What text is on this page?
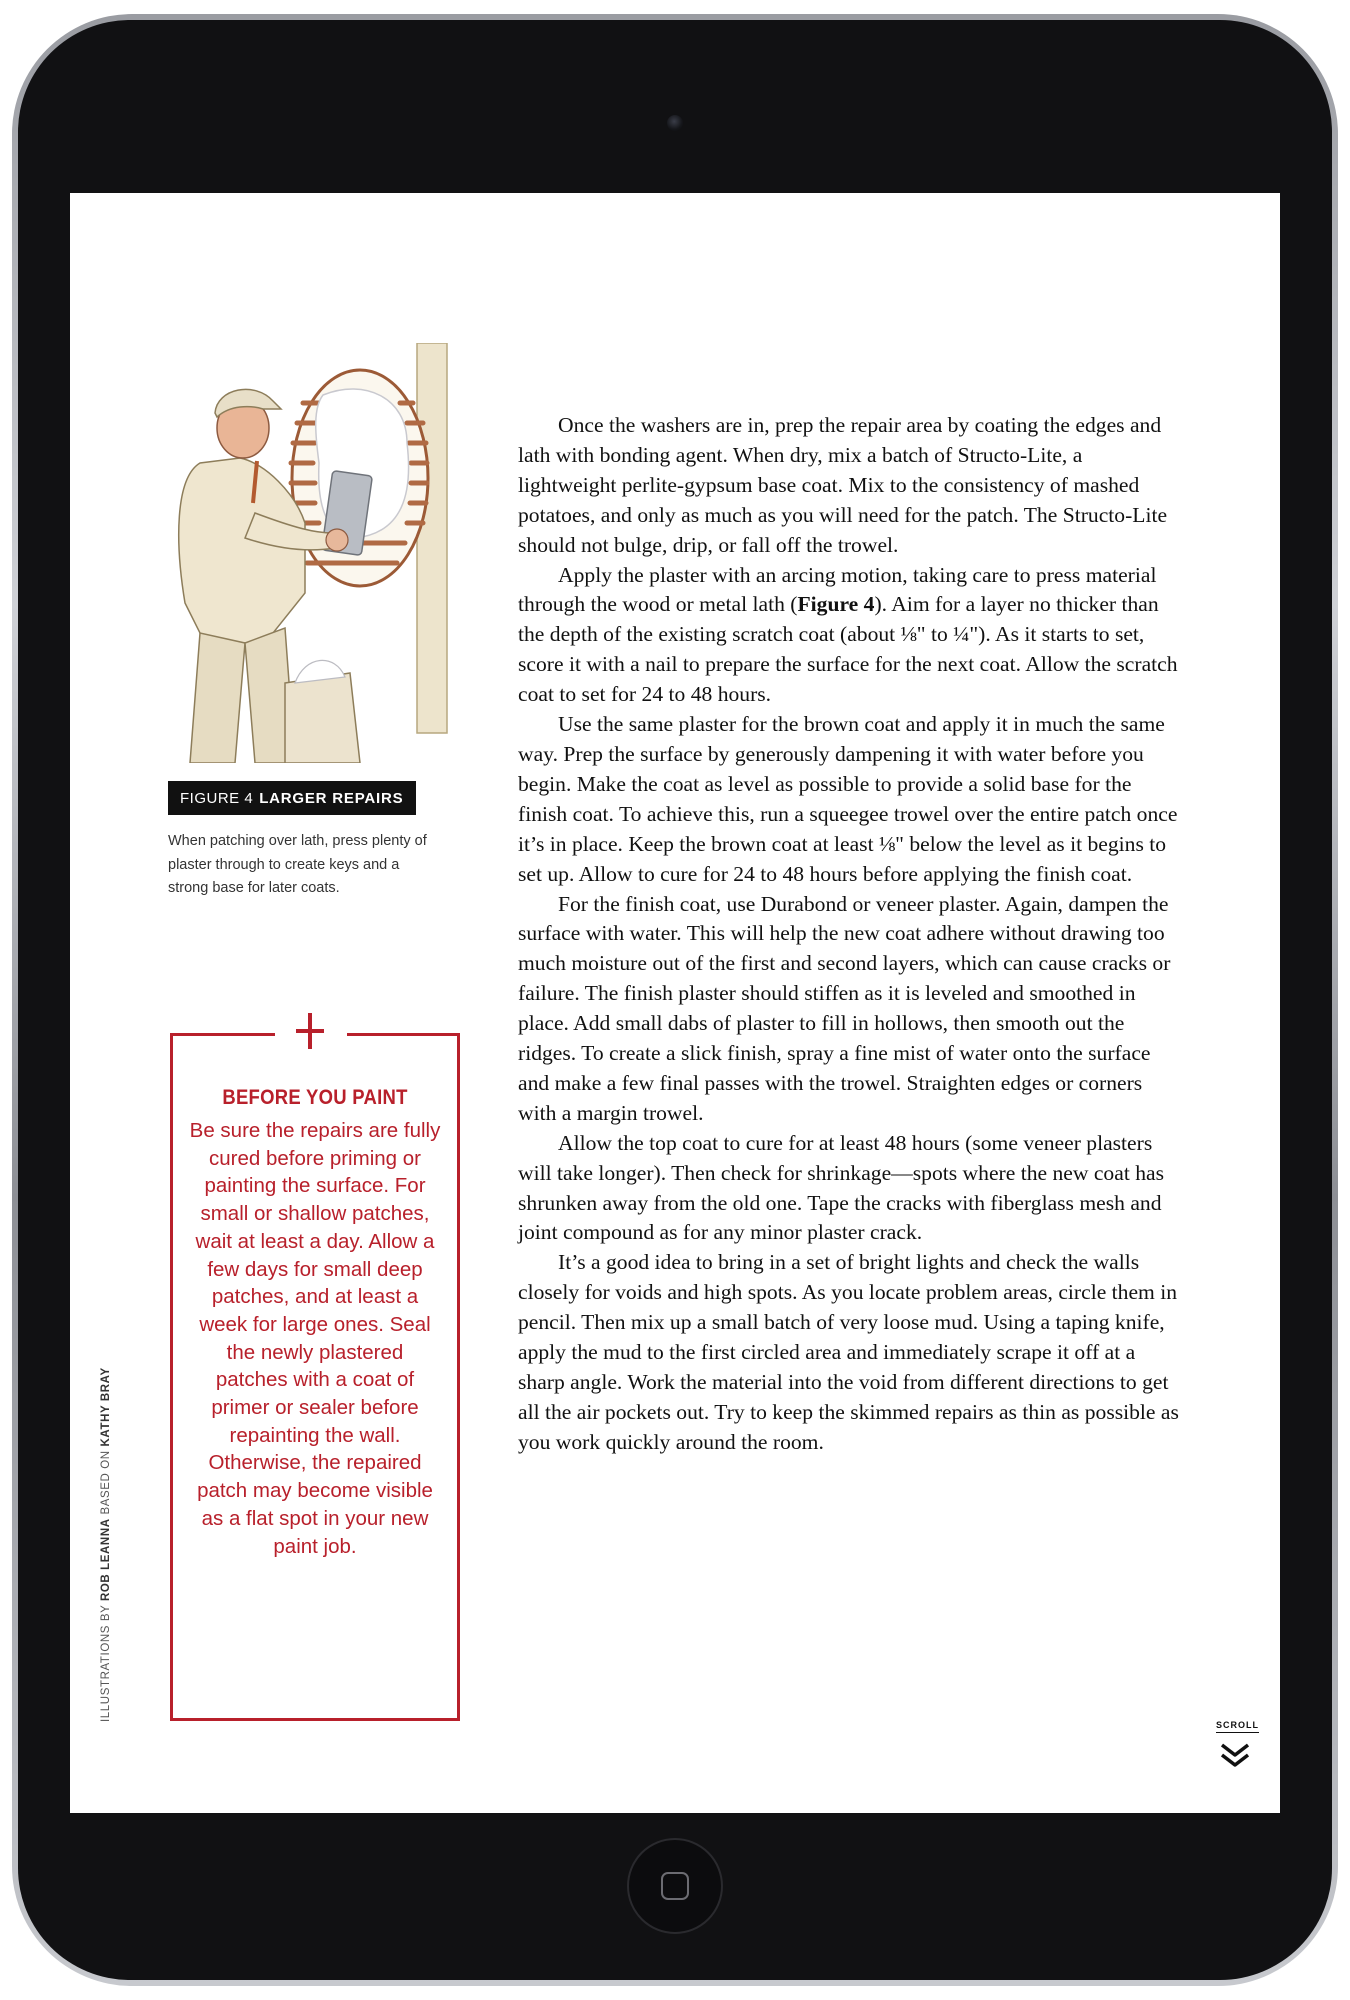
FIGURE 4 LARGER REPAIRS
When patching over lath, press plenty of plaster through to create keys and a strong base for later coats.
BEFORE YOU PAINT
Be sure the repairs are fully cured before priming or painting the surface. For small or shallow patches, wait at least a day. Allow a few days for small deep patches, and at least a week for large ones. Seal the newly plastered patches with a coat of primer or sealer before repainting the wall. Otherwise, the repaired patch may become visible as a flat spot in your new paint job.
ILLUSTRATIONS BY ROB LEANNA BASED ON KATHY BRAY

Once the washers are in, prep the repair area by coating the edges and lath with bonding agent. When dry, mix a batch of Structo-Lite, a lightweight perlite-gypsum base coat. Mix to the consistency of mashed potatoes, and only as much as you will need for the patch. The Structo-Lite should not bulge, drip, or fall off the trowel.

Apply the plaster with an arcing motion, taking care to press material through the wood or metal lath (Figure 4). Aim for a layer no thicker than the depth of the existing scratch coat (about ⅛" to ¼"). As it starts to set, score it with a nail to prepare the surface for the next coat. Allow the scratch coat to set for 24 to 48 hours.

Use the same plaster for the brown coat and apply it in much the same way. Prep the surface by generously dampening it with water before you begin. Make the coat as level as possible to provide a solid base for the finish coat. To achieve this, run a squeegee trowel over the entire patch once it’s in place. Keep the brown coat at least ⅛" below the level as it begins to set up. Allow to cure for 24 to 48 hours before applying the finish coat.

For the finish coat, use Durabond or veneer plaster. Again, dampen the surface with water. This will help the new coat adhere without drawing too much moisture out of the first and second layers, which can cause cracks or failure. The finish plaster should stiffen as it is leveled and smoothed in place. Add small dabs of plaster to fill in hollows, then smooth out the ridges. To create a slick finish, spray a fine mist of water onto the surface and make a few final passes with the trowel. Straighten edges or corners with a margin trowel.

Allow the top coat to cure for at least 48 hours (some veneer plasters will take longer). Then check for shrinkage—spots where the new coat has shrunken away from the old one. Tape the cracks with fiberglass mesh and joint compound as for any minor plaster crack.

It’s a good idea to bring in a set of bright lights and check the walls closely for voids and high spots. As you locate problem areas, circle them in pencil. Then mix up a small batch of very loose mud. Using a taping knife, apply the mud to the first circled area and immediately scrape it off at a sharp angle. Work the material into the void from different directions to get all the air pockets out. Try to keep the skimmed repairs as thin as possible as you work quickly around the room.

SCROLL
